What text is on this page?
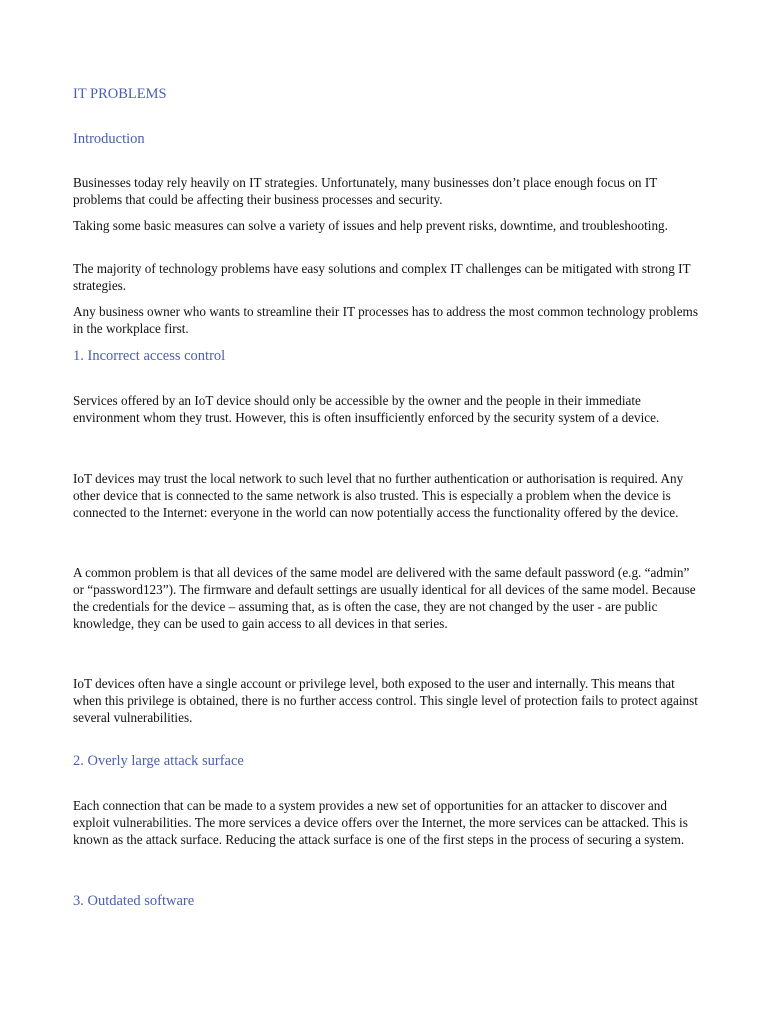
IT PROBLEMS
Introduction

Businesses today rely heavily on IT strategies. Unfortunately, many businesses don’t place enough focus on IT problems that could be affecting their business processes and security.

Taking some basic measures can solve a variety of issues and help prevent risks, downtime, and troubleshooting.

The majority of technology problems have easy solutions and complex IT challenges can be mitigated with strong IT strategies.

Any business owner who wants to streamline their IT processes has to address the most common technology problems in the workplace first.

1. Incorrect access control

Services offered by an IoT device should only be accessible by the owner and the people in their immediate environment whom they trust. However, this is often insufficiently enforced by the security system of a device.

IoT devices may trust the local network to such level that no further authentication or authorisation is required. Any other device that is connected to the same network is also trusted. This is especially a problem when the device is connected to the Internet: everyone in the world can now potentially access the functionality offered by the device.

A common problem is that all devices of the same model are delivered with the same default password (e.g. “admin” or “password123”). The firmware and default settings are usually identical for all devices of the same model. Because the credentials for the device – assuming that, as is often the case, they are not changed by the user - are public knowledge, they can be used to gain access to all devices in that series.

IoT devices often have a single account or privilege level, both exposed to the user and internally. This means that when this privilege is obtained, there is no further access control. This single level of protection fails to protect against several vulnerabilities.

2. Overly large attack surface

Each connection that can be made to a system provides a new set of opportunities for an attacker to discover and exploit vulnerabilities. The more services a device offers over the Internet, the more services can be attacked. This is known as the attack surface. Reducing the attack surface is one of the first steps in the process of securing a system.

3. Outdated software
